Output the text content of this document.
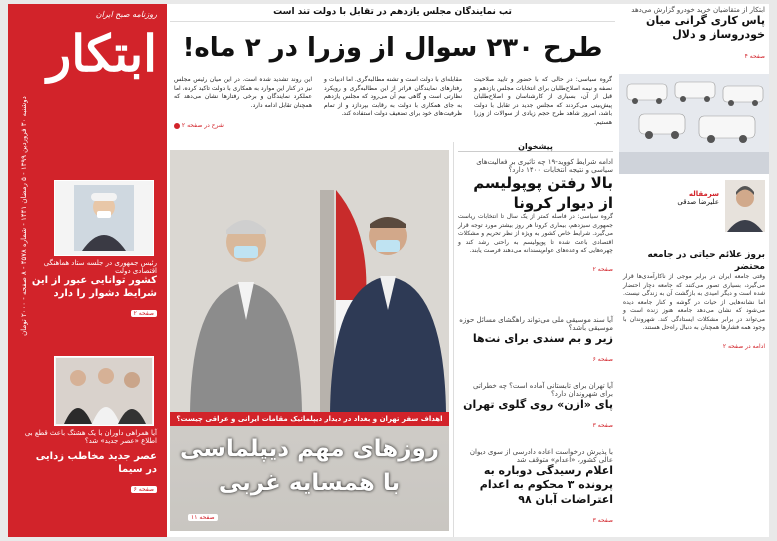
روزنامه صبح ایران
ابتکار
دوشنبه ۳۰ فروردین ۱۳۹۹ - ۵ رمضان ۱۴۴۱ - شماره ۴۵۷۸ - ۸ صفحه - ۲۰۰۰ تومان
رئیس جمهوری در جلسه ستاد هماهنگی اقتصادی دولت
کشور توانایی عبور از این شرایط دشوار را دارد
صفحه ۲
آیا همراهی داوران با یک هشتگ باعث قطع بی اطلاع «عصر جدید» شد؟
عصر جدید مخاطب زدایی در سیما
صفحه ۶
تب نمایندگان مجلس یازدهم در تقابل با دولت تند است
طرح ۲۳۰ سوال از وزرا در ۲ ماه!
گروه سیاسی: در حالی که با حضور و تایید صلاحیت نصفه و نیمه اصلاح‌طلبان برای انتخابات مجلس یازدهم و قبل از آن، بسیاری از کارشناسان و اصلاح‌طلبان پیش‌بینی می‌کردند که مجلس جدید در تقابل با دولت باشد، امروز شاهد طرح حجم زیادی از سوالات از وزرا هستیم.
مقابله‌ای با دولت است و تشنه مطالبه‌گری. اما ادبیات و رفتارهای نمایندگان فراتر از این مطالبه‌گری و رویکرد نظارتی است و گاهی بیم آن می‌رود که مجلس یازدهم به جای همکاری با دولت به رقابت بپردازد و از تمام ظرفیت‌های خود برای تضعیف دولت استفاده کند.
این روند تشدید شده است. در این میان رئیس مجلس نیز در کنار این موارد به همکاری با دولت تاکید کرده، اما عملکرد نمایندگان و برخی رفتارها نشان می‌دهد که همچنان تقابل ادامه دارد.
شرح در صفحه ۲
اهداف سفر تهران و بغداد در دیدار دیپلماتیک مقامات ایرانی و عراقی چیست؟
روزهای مهم دیپلماسی
با همسایه غربی
صفحه ۱۱
پیشخوان
ادامه شرایط کووید-۱۹ چه تاثیری بر فعالیت‌های سیاسی و نتیجه انتخابات ۱۴۰۰ دارد؟
بالا رفتن پوپولیسم از دیوار کرونا
گروه سیاسی: در فاصله کمتر از یک سال تا انتخابات ریاست جمهوری سیزدهم، بیماری کرونا هر روز بیشتر مورد توجه قرار می‌گیرد. شرایط خاص کشور به ویژه از نظر تحریم و مشکلات اقتصادی باعث شده تا پوپولیسم به راحتی رشد کند و چهره‌هایی که وعده‌های عوام‌پسندانه می‌دهند فرصت یابند.
صفحه ۲
آیا سند موسیقی ملی می‌تواند راهگشای مسائل حوزه موسیقی باشد؟
زیر و بم سندی برای نت‌ها
صفحه ۶
آیا تهران برای تابستانی آماده است؟ چه خطراتی برای شهروندان دارد؟
پای «ازن» روی گلوی تهران
صفحه ۳
با پذیرش درخواست اعاده دادرسی از سوی دیوان عالی کشور، «اعدام» متوقف شد
اعلام رسیدگی دوباره به پرونده ۳ محکوم به اعدام اعتراضات آبان ۹۸
صفحه ۳
ابتکار از متقاضیان خرید خودرو گزارش می‌دهد
پاس کاری گرانی میان خودروساز و دلال
صفحه ۴
سرمقاله
علیرضا صدقی
بروز علائم حیاتی در جامعه محتضر
وقتی جامعه ایران در برابر موجی از ناکارآمدی‌ها قرار می‌گیرد، بسیاری تصور می‌کنند که جامعه دچار احتضار شده است و دیگر امیدی به بازگشت آن به زندگی نیست. اما نشانه‌هایی از حیات در گوشه و کنار جامعه دیده می‌شود که نشان می‌دهد جامعه هنوز زنده است و می‌تواند در برابر مشکلات ایستادگی کند. شهروندان با وجود همه فشارها همچنان به دنبال راه‌حل هستند.
ادامه در صفحه ۲
